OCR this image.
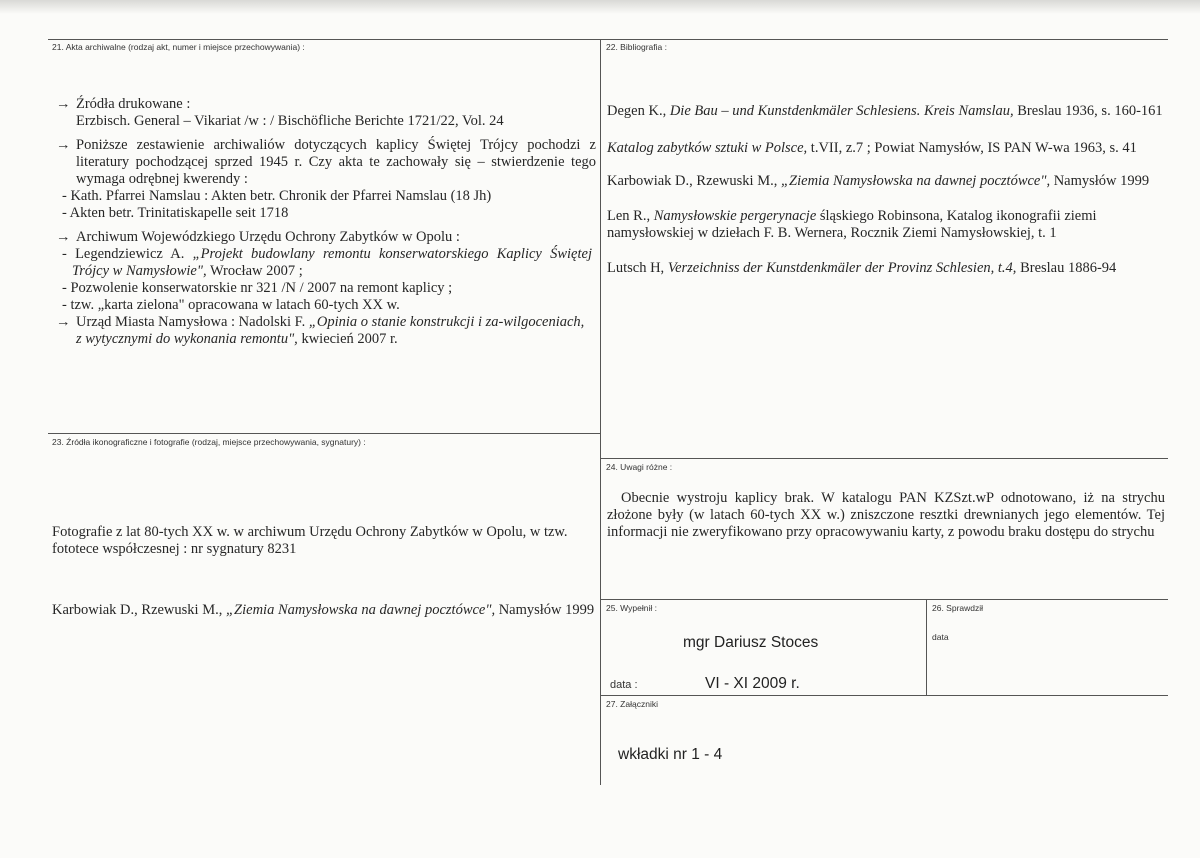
21. Akta archiwalne (rodzaj akt, numer i miejsce przechowywania) :	22. Bibliografia :
23. Źródła ikonograficzne i fotografie (rodzaj, miejsce przechowywania, sygnatury) :
24. Uwagi różne :
25. Wypełnił :	26. Sprawdził
data
27. Załączniki
→ Źródła drukowane :
Erzbisch. General – Vikariat /w : / Bischöfliche Berichte 1721/22, Vol. 24
→ Poniższe zestawienie archiwaliów dotyczących kaplicy Świętej Trójcy pochodzi z literatury pochodzącej sprzed 1945 r. Czy akta te zachowały się – stwierdzenie tego wymaga odrębnej kwerendy :
- Kath. Pfarrei Namslau : Akten betr. Chronik der Pfarrei Namslau (18 Jh)
- Akten betr. Trinitatiskapelle seit 1718
→ Archiwum Wojewódzkiego Urzędu Ochrony Zabytków w Opolu :
- Legendziewicz A. „Projekt budowlany remontu konserwatorskiego Kaplicy Świętej Trójcy w Namysłowie", Wrocław 2007 ;
- Pozwolenie konserwatorskie nr 321 /N / 2007 na remont kaplicy ;
- tzw. „karta zielona" opracowana w latach 60-tych XX w.
→ Urząd Miasta Namysłowa : Nadolski F. „Opinia o stanie konstrukcji i za-wilgoceniach, z wytycznymi do wykonania remontu", kwiecień 2007 r.
Degen K., Die Bau – und Kunstdenkmäler Schlesiens. Kreis Namslau, Breslau 1936, s. 160-161
Katalog zabytków sztuki w Polsce, t.VII, z.7 ; Powiat Namysłów, IS PAN W-wa 1963, s. 41
Karbowiak D., Rzewuski M., „Ziemia Namysłowska na dawnej pocztówce", Namysłów 1999
Len R., Namysłowskie pergerynacje śląskiego Robinsona, Katalog ikonografii ziemi namysłowskiej w dziełach F. B. Wernera, Rocznik Ziemi Namysłowskiej, t. 1
Lutsch H, Verzeichniss der Kunstdenkmäler der Provinz Schlesien, t.4, Breslau 1886-94
Fotografie z lat 80-tych XX w. w archiwum Urzędu Ochrony Zabytków w Opolu, w tzw. fototece współczesnej : nr sygnatury 8231
Karbowiak D., Rzewuski M., „Ziemia Namysłowska na dawnej pocztówce", Namysłów 1999
Obecnie wystroju kaplicy brak. W katalogu PAN KZSzt.wP odnotowano, iż na strychu złożone były (w latach 60-tych XX w.) zniszczone resztki drewnianych jego elementów. Tej informacji nie zweryfikowano przy opracowywaniu karty, z powodu braku dostępu do strychu
mgr Dariusz Stoces
data :	VI - XI 2009 r.
wkładki nr 1 - 4
